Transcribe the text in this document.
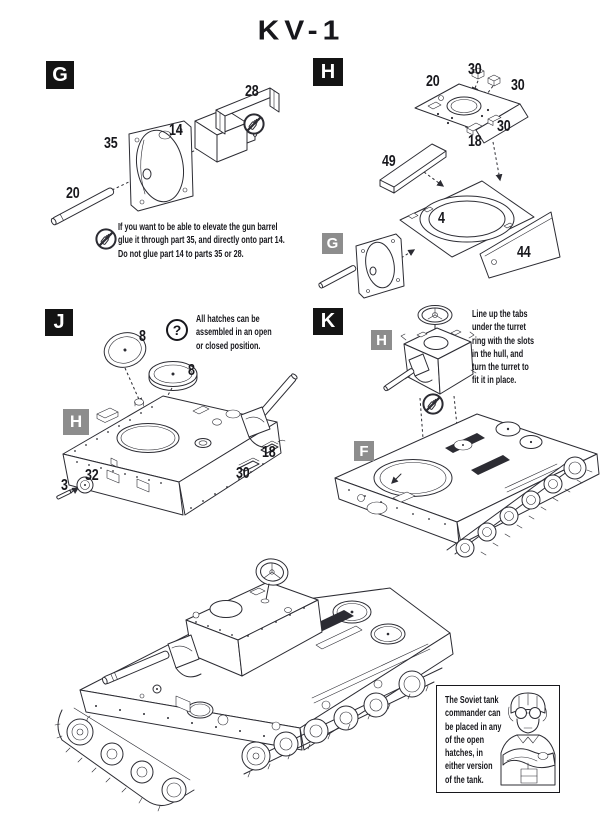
KV-1
G
20
35
14
28
If you want to be able to elevate the gun barrel
glue it through part 35, and directly onto part 14.
Do not glue part 14 to parts 35 or 28.
H
G
20
30
30
30
18
49
4
44
J
H
?
All hatches can be
assembled in an open
or closed position.
8
8
3
32
18
30
K
H
F
Line up the tabs
under the turret
ring with the slots
in the hull, and
turn the turret to
fit it in place.
The Soviet tank
commander can
be placed in any
of the open
hatches, in
either version
of the tank.
